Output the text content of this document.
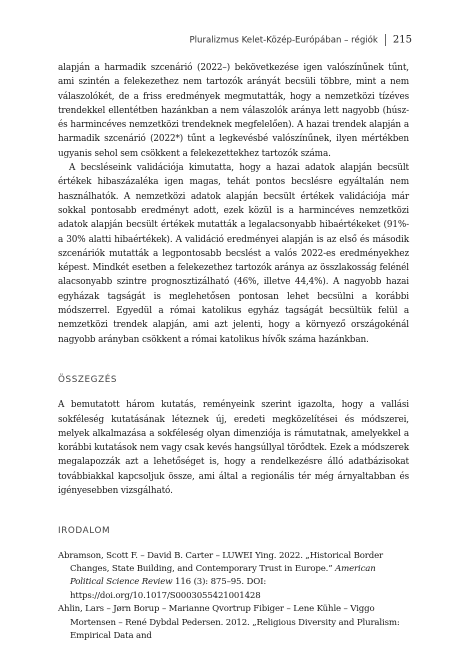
Pluralizmus Kelet-Közép-Európában – régiók 215

alapján a harmadik szcenárió (2022–) bekövetkezése igen valószínűnek tűnt, ami szintén a felekezethez nem tartozók arányát becsüli többre, mint a nem válaszolókét, de a friss eredmények megmutatták, hogy a nemzetközi tízéves trendekkel ellentétben hazánkban a nem válaszolók aránya lett nagyobb (húsz- és harmincéves nemzetközi trendeknek megfelelően). A hazai trendek alapján a harmadik szcenárió (2022*) tűnt a legkevésbé valószínűnek, ilyen mértékben ugyanis sehol sem csökkent a felekezettekhez tartozók száma.

A becsléseink validációja kimutatta, hogy a hazai adatok alapján becsült értékek hibaszázaléka igen magas, tehát pontos becslésre egyáltalán nem használhatók. A nemzetközi adatok alapján becsült értékek validációja már sokkal pontosabb eredményt adott, ezek közül is a harmincéves nemzetközi adatok alapján becsült értékek mutatták a legalacsonyabb hibaértékeket (91%-a 30% alatti hibaértékek). A validáció eredményei alapján is az első és második szcenáriók mutatták a legpontosabb becslést a valós 2022-es eredményekhez képest. Mindkét esetben a felekezethez tartozók aránya az összlakosság felénél alacsonyabb szintre prognosztizálható (46%, illetve 44,4%). A nagyobb hazai egyházak tagságát is meglehetősen pontosan lehet becsülni a korábbi módszerrel. Egyedül a római katolikus egyház tagságát becsültük felül a nemzetközi trendek alapján, ami azt jelenti, hogy a környező országokénál nagyobb arányban csökkent a római katolikus hívők száma hazánkban.

ÖSSZEGZÉS

A bemutatott három kutatás, reményeink szerint igazolta, hogy a vallási sokféleség kutatásának léteznek új, eredeti megközelítései és módszerei, melyek alkalmazása a sokféleség olyan dimenziója is rámutatnak, amelyekkel a korábbi kutatások nem vagy csak kevés hangsúllyal törődtek. Ezek a módszerek megalapozzák azt a lehetőséget is, hogy a rendelkezésre álló adatbázisokat továbbiakkal kapcsoljuk össze, ami által a regionális tér még árnyaltabban és igényesebben vizsgálható.

IRODALOM

Abramson, Scott F. – David B. Carter – LUWEI Ying. 2022. „Historical Border Changes, State Building, and Contemporary Trust in Europe.” American Political Science Review 116 (3): 875–95. DOI: https://doi.org/10.1017/S0003055421001428

Ahlin, Lars – Jørn Borup – Marianne Qvortrup Fibiger – Lene Kühle – Viggo Mortensen – René Dybdal Pedersen. 2012. „Religious Diversity and Pluralism: Empirical Data and
